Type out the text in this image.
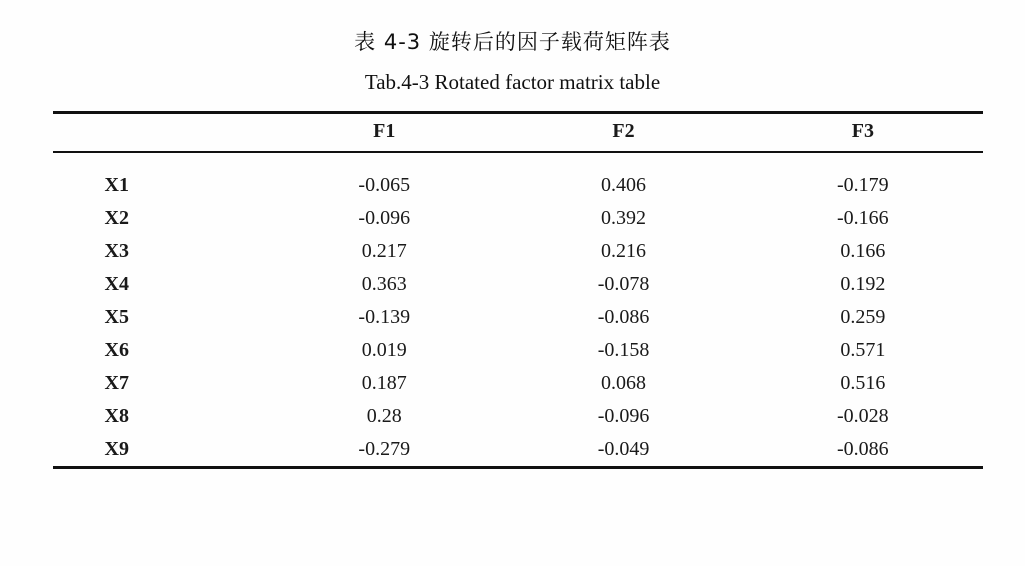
表 4-3 旋转后的因子载荷矩阵表
Tab.4-3 Rotated factor matrix table
	F1	F2	F3

X1	-0.065	0.406	-0.179
X2	-0.096	0.392	-0.166
X3	0.217	0.216	0.166
X4	0.363	-0.078	0.192
X5	-0.139	-0.086	0.259
X6	0.019	-0.158	0.571
X7	0.187	0.068	0.516
X8	0.28	-0.096	-0.028
X9	-0.279	-0.049	-0.086
